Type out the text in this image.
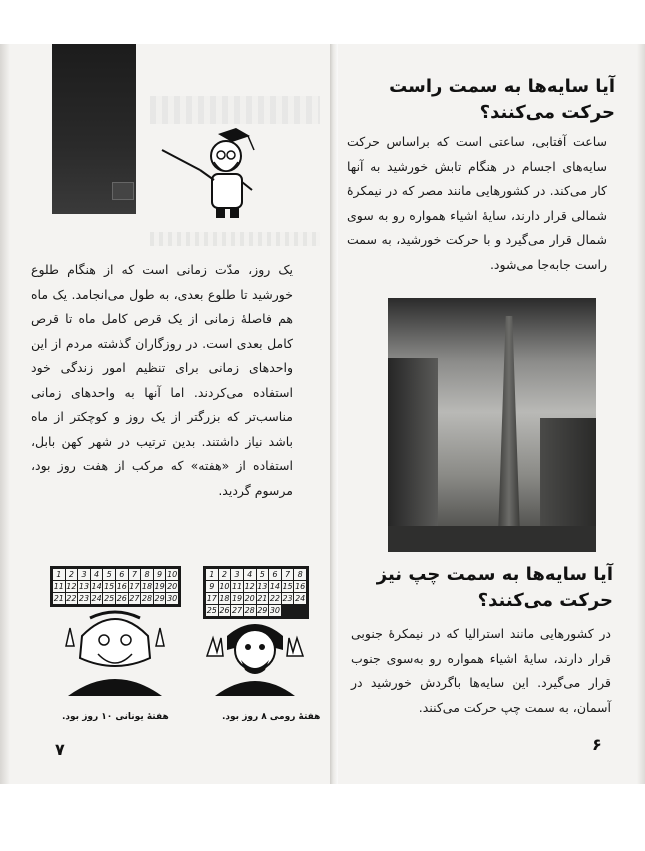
یک روز، مدّت زمانی است که از هنگام طلوع خورشید تا طلوع بعدی، به طول می‌انجامد. یک ماه هم فاصلهٔ زمانی از یک قرص کامل ماه تا قرص کامل بعدی است. در روزگاران گذشته مردم از این واحدهای زمانی برای تنظیم امور زندگی خود استفاده می‌کردند. اما آنها به واحدهای زمانی مناسب‌تر که بزرگتر از یک روز و کوچکتر از ماه باشد نیاز داشتند. بدین ترتیب در شهر کهن بابل، استفاده از «هفته» که مرکب از هفت روز بود، مرسوم گردید.

1 2 3 4 5 6 7 8 9 10
11 12 13 14 15 16 17 18 19 20
21 22 23 24 25 26 27 28 29 30
1 2 3 4 5 6 7 8
9 10 11 12 13 14 15 16
17 18 19 20 21 22 23 24
25 26 27 28 29 30
هفتهٔ یونانی ۱۰ روز بود.	هفتهٔ رومی ۸ روز بود.
۷
آیا سایه‌ها به سمت راست حرکت می‌کنند؟

ساعت آفتابی، ساعتی است که براساس حرکت سایه‌های اجسام در هنگام تابش خورشید به آنها کار می‌کند. در کشورهایی مانند مصر که در نیمکرهٔ شمالی قرار دارند، سایهٔ اشیاء همواره رو به سوی شمال قرار می‌گیرد و با حرکت خورشید، به سمت راست جابه‌جا می‌شود.

آیا سایه‌ها به سمت چپ نیز حرکت می‌کنند؟

در کشورهایی مانند استرالیا که در نیمکرهٔ جنوبی قرار دارند، سایهٔ اشیاء همواره رو به‌سوی جنوب قرار می‌گیرد. این سایه‌ها باگردش خورشید در آسمان، به سمت چپ حرکت می‌کنند.

۶
